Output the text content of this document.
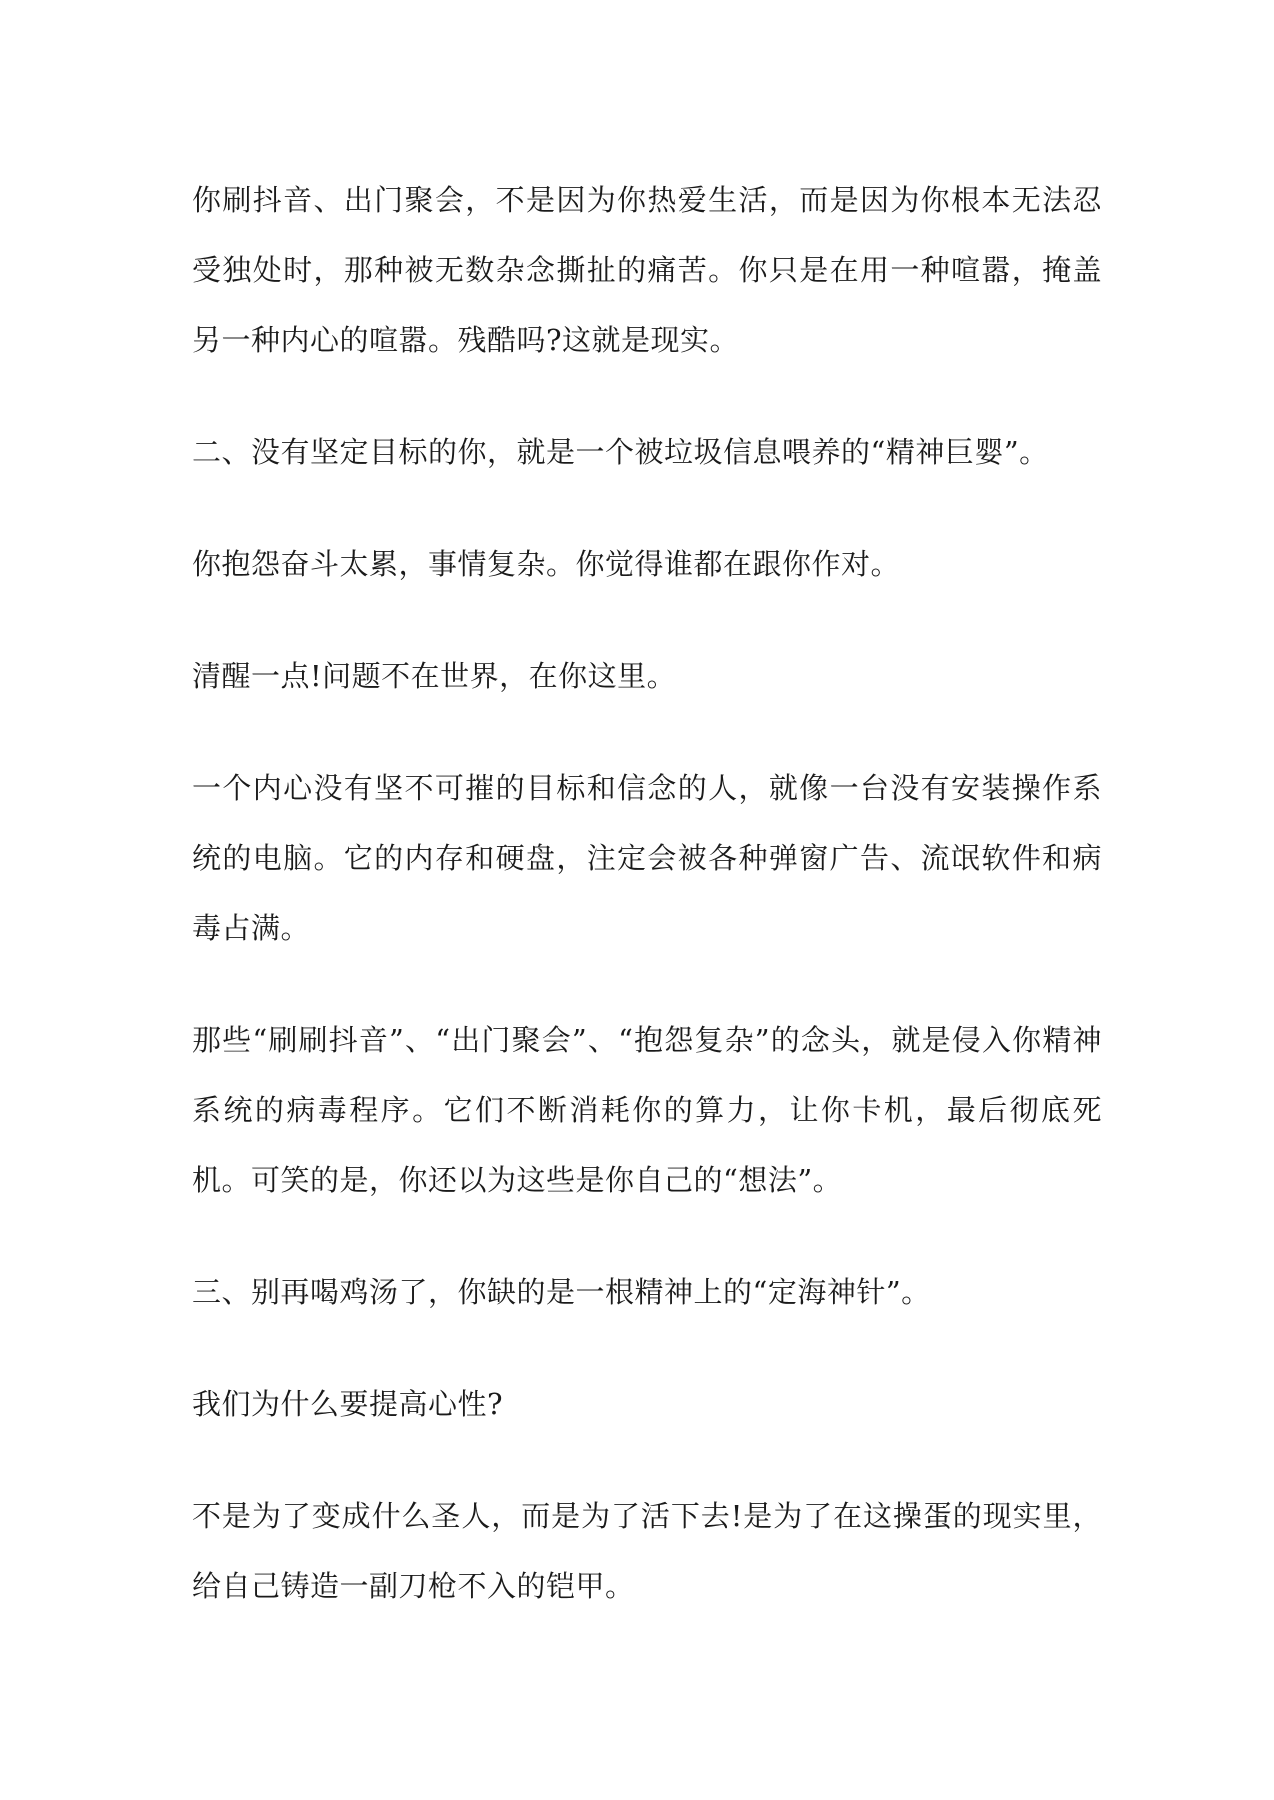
你刷抖音、出门聚会，不是因为你热爱生活，而是因为你根本无法忍受独处时，那种被无数杂念撕扯的痛苦。你只是在用一种喧嚣，掩盖另一种内心的喧嚣。残酷吗?这就是现实。

二、没有坚定目标的你，就是一个被垃圾信息喂养的“精神巨婴”。

你抱怨奋斗太累，事情复杂。你觉得谁都在跟你作对。

清醒一点!问题不在世界，在你这里。

一个内心没有坚不可摧的目标和信念的人，就像一台没有安装操作系统的电脑。它的内存和硬盘，注定会被各种弹窗广告、流氓软件和病毒占满。

那些“刷刷抖音”、“出门聚会”、“抱怨复杂”的念头，就是侵入你精神系统的病毒程序。它们不断消耗你的算力，让你卡机，最后彻底死机。可笑的是，你还以为这些是你自己的“想法”。

三、别再喝鸡汤了，你缺的是一根精神上的“定海神针”。

我们为什么要提高心性?

不是为了变成什么圣人，而是为了活下去!是为了在这操蛋的现实里，给自己铸造一副刀枪不入的铠甲。
